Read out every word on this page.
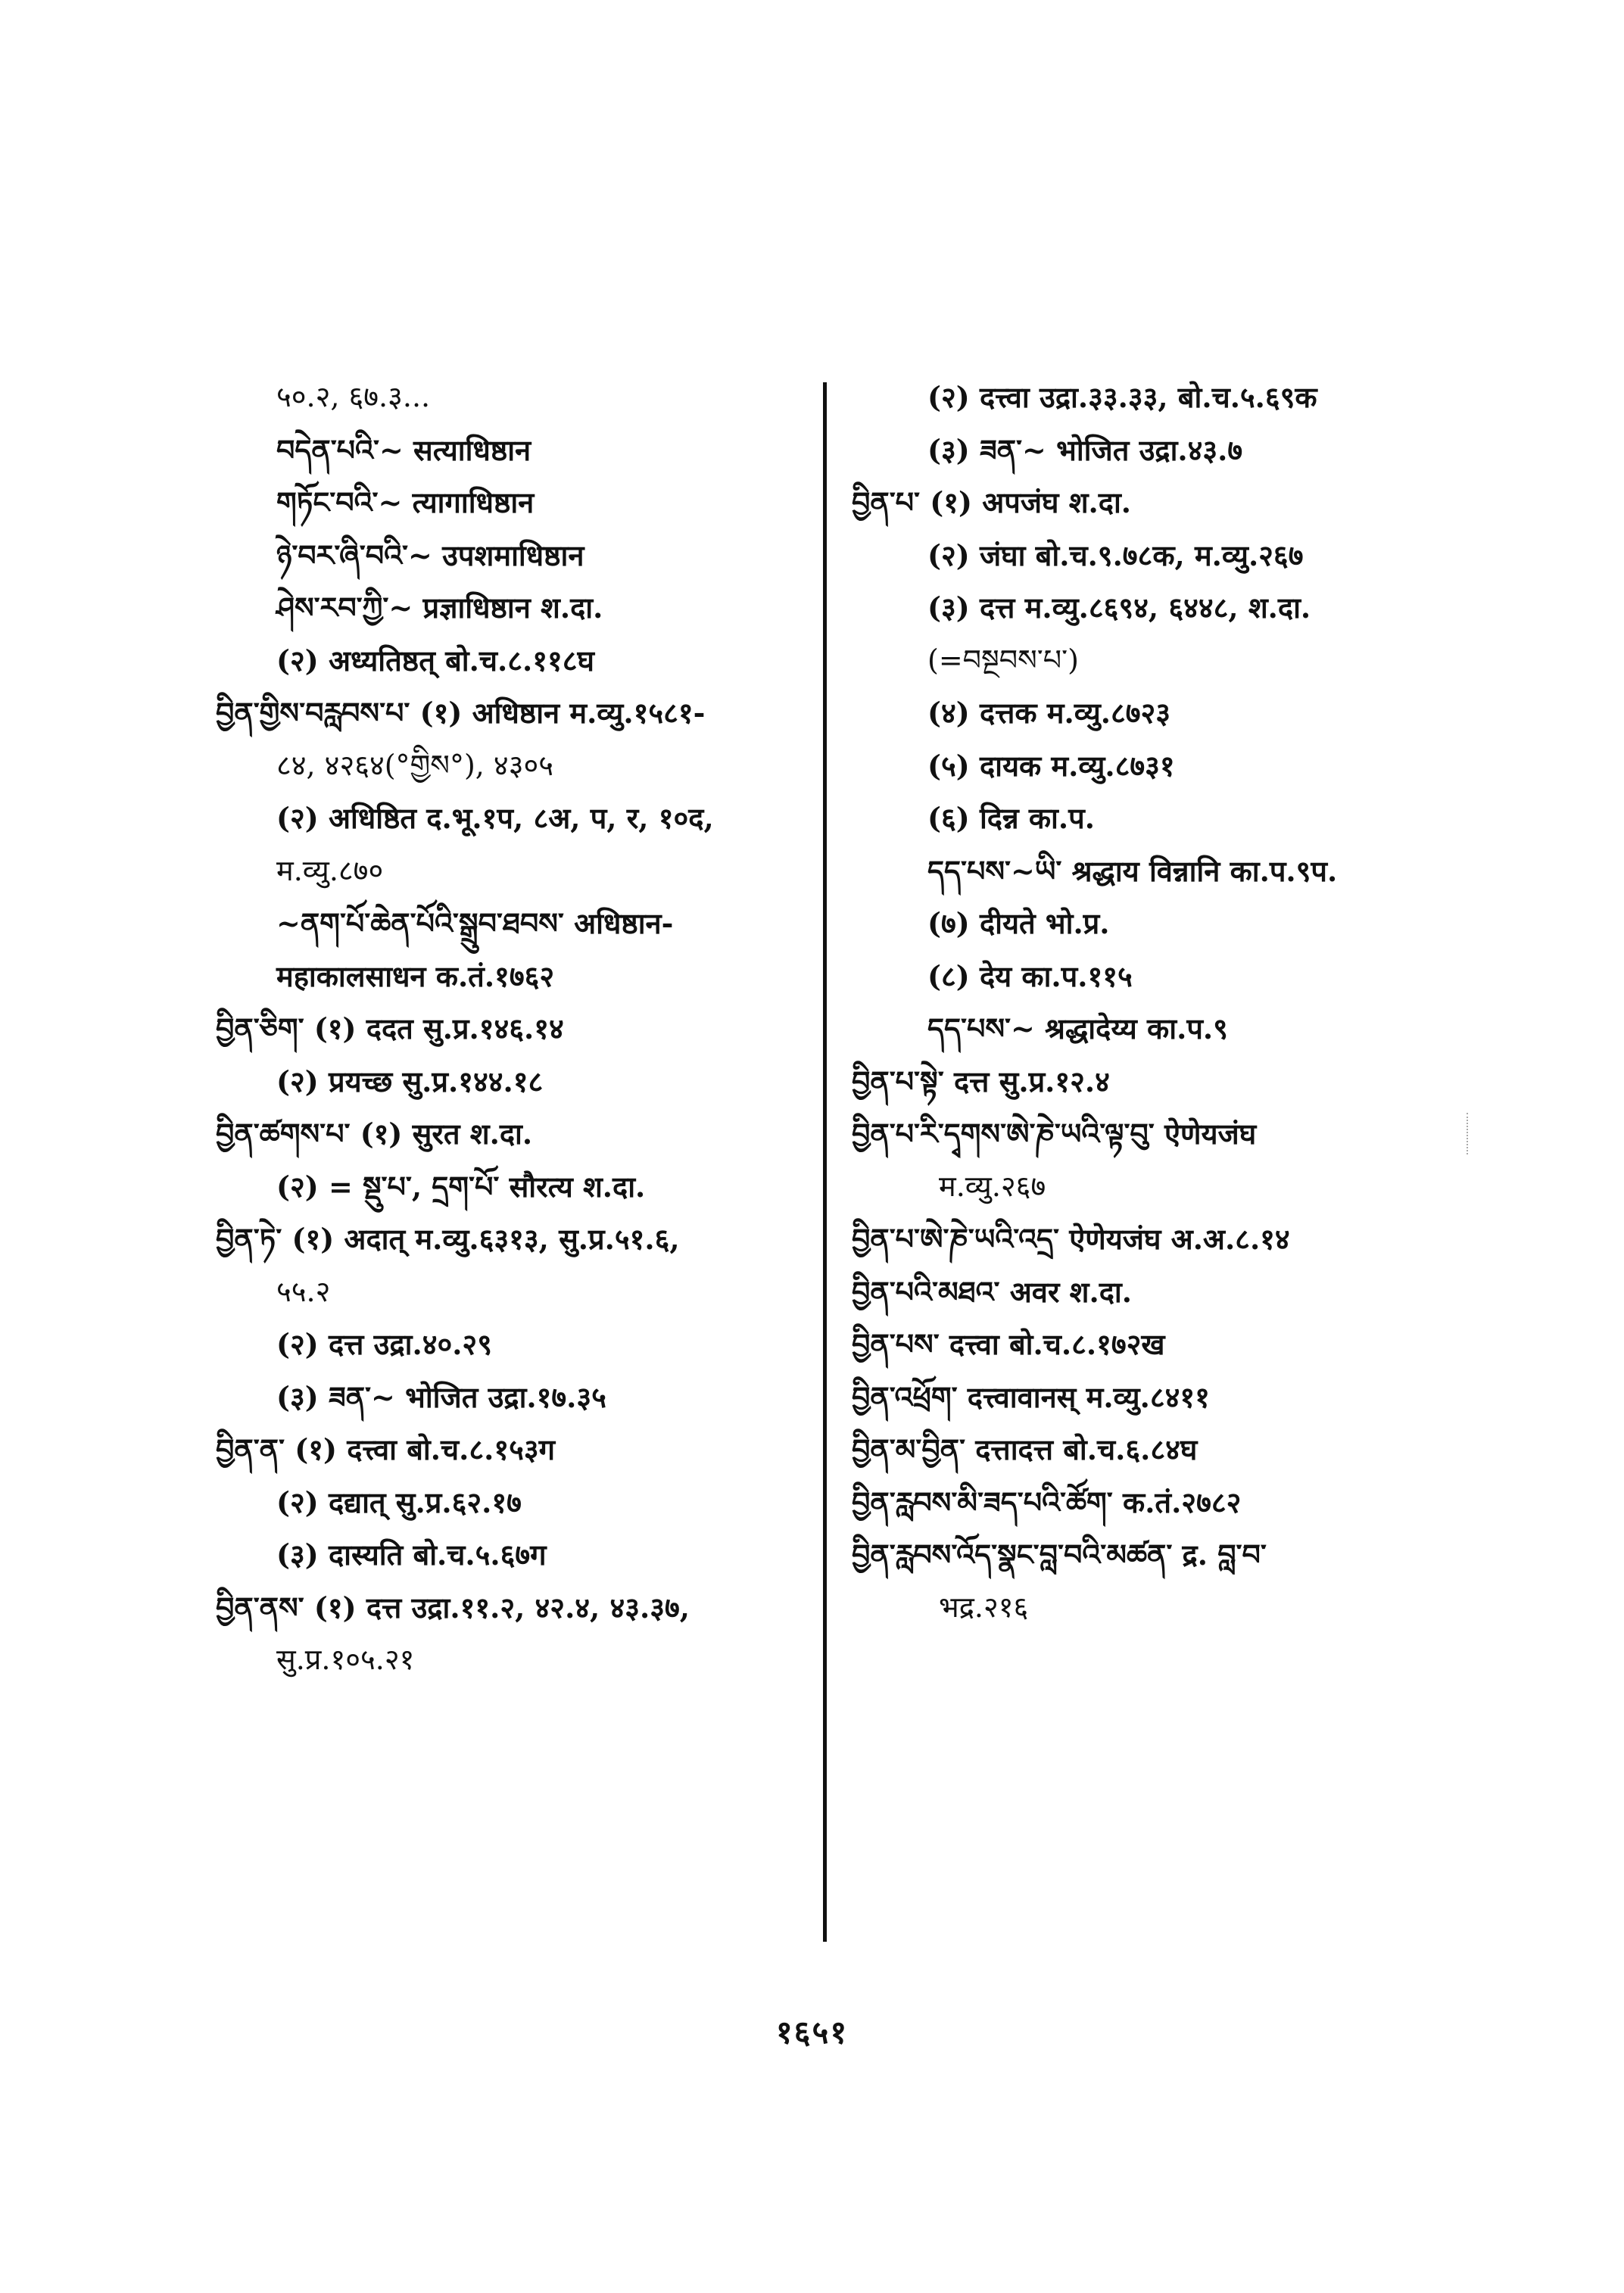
५०.२, ६७.३...
བདེན་པའི་~ सत्याधिष्ठान
གཏོང་བའི་~ त्यागाधिष्ठान
ཉེ་བར་ཞི་བའི་~ उपशमाधिष्ठान
ཤེས་རབ་ཀྱི་~ प्रज्ञाधिष्ठान श.दा.
(२) अध्यतिष्ठत् बो.च.८.११८घ
བྱིན་གྱིས་བརླབས་པ་ (१) अधिष्ठान म.व्यु.१५८१-
८४, ४२६४(°གྱིས°), ४३०५
(२) अधिष्ठित द.भू.१प, ८अ, प, र, १०द,
म.व्यु.८७०
~ནག་པོ་ཆེན་པོའི་སྒྲུབ་ཐབས་ अधिष्ठान-
महाकालसाधन क.तं.१७६२
བྱིན་ཅིག་ (१) ददत सु.प्र.१४६.१४
(२) प्रयच्छ सु.प्र.१४४.१८
བྱིན་ཚགས་པ་ (१) सुरत श.दा.
(२) = སྡུ་པ་, དྲག་པོ་ सौरत्य श.दा.
བྱིན་ཏེ་ (१) अदात् म.व्यु.६३१३, सु.प्र.५१.६,
५५.२
(२) दत्त उद्रा.४०.२९
(३) ཟན་~ भोजित उद्रा.१७.३५
བྱིན་ན་ (१) दत्त्वा बो.च.८.१५३ग
(२) दद्यात् सु.प्र.६२.१७
(३) दास्यति बो.च.५.६७ग
བྱིན་ནས་ (१) दत्त उद्रा.११.२, ४२.४, ४३.३७,
सु.प्र.१०५.२१
(२) दत्त्वा उद्रा.३३.३३, बो.च.५.६९क
(३) ཟན་~ भोजित उद्रा.४३.७
བྱིན་པ་ (१) अपजंघ श.दा.
(२) जंघा बो.च.९.७८क, म.व्यु.२६७
(३) दत्त म.व्यु.८६९४, ६४४८, श.दा.
(=བསྔབས་པ་)
(४) दत्तक म.व्यु.८७२३
(५) दायक म.व्यु.८७३१
(६) दिन्न का.प.
དད་པས་~ཡི་ श्रद्धाय विन्नानि का.प.९प.
(७) दीयते भो.प्र.
(८) देय का.प.११५
དད་པས་~ श्रद्धादेय्य का.प.९
བྱིན་པ་སྟེ་ दत्त सु.प्र.१२.४
བྱིན་པ་རི་དྭགས་ཨེ་ཎེ་ཡའི་ལྟ་བུ་ ऐणेयजंघ
म.व्यु.२६७
བྱིན་པ་ཨེ་ཎེ་ཡའི་འདྲ་ ऐणेयजंघ अ.अ.८.१४
བྱིན་པའི་མཐའ་ अवर श.दा.
བྱིན་པས་ दत्त्वा बो.च.८.१७२ख
བྱིན་འཕྲོག་ दत्त्वावानस् म.व्यु.८४११
བྱིན་མ་བྱིན་ दत्तादत्त बो.च.६.८४घ
བྱིན་རླབས་མི་ཟད་པའི་ཚོག་ क.तं.२७८२
བྱིན་རླབས་འོད་སྣང་བླ་བའི་མཚན་ द्र. བླ་བ་
भद्र.२१६
१६५१
